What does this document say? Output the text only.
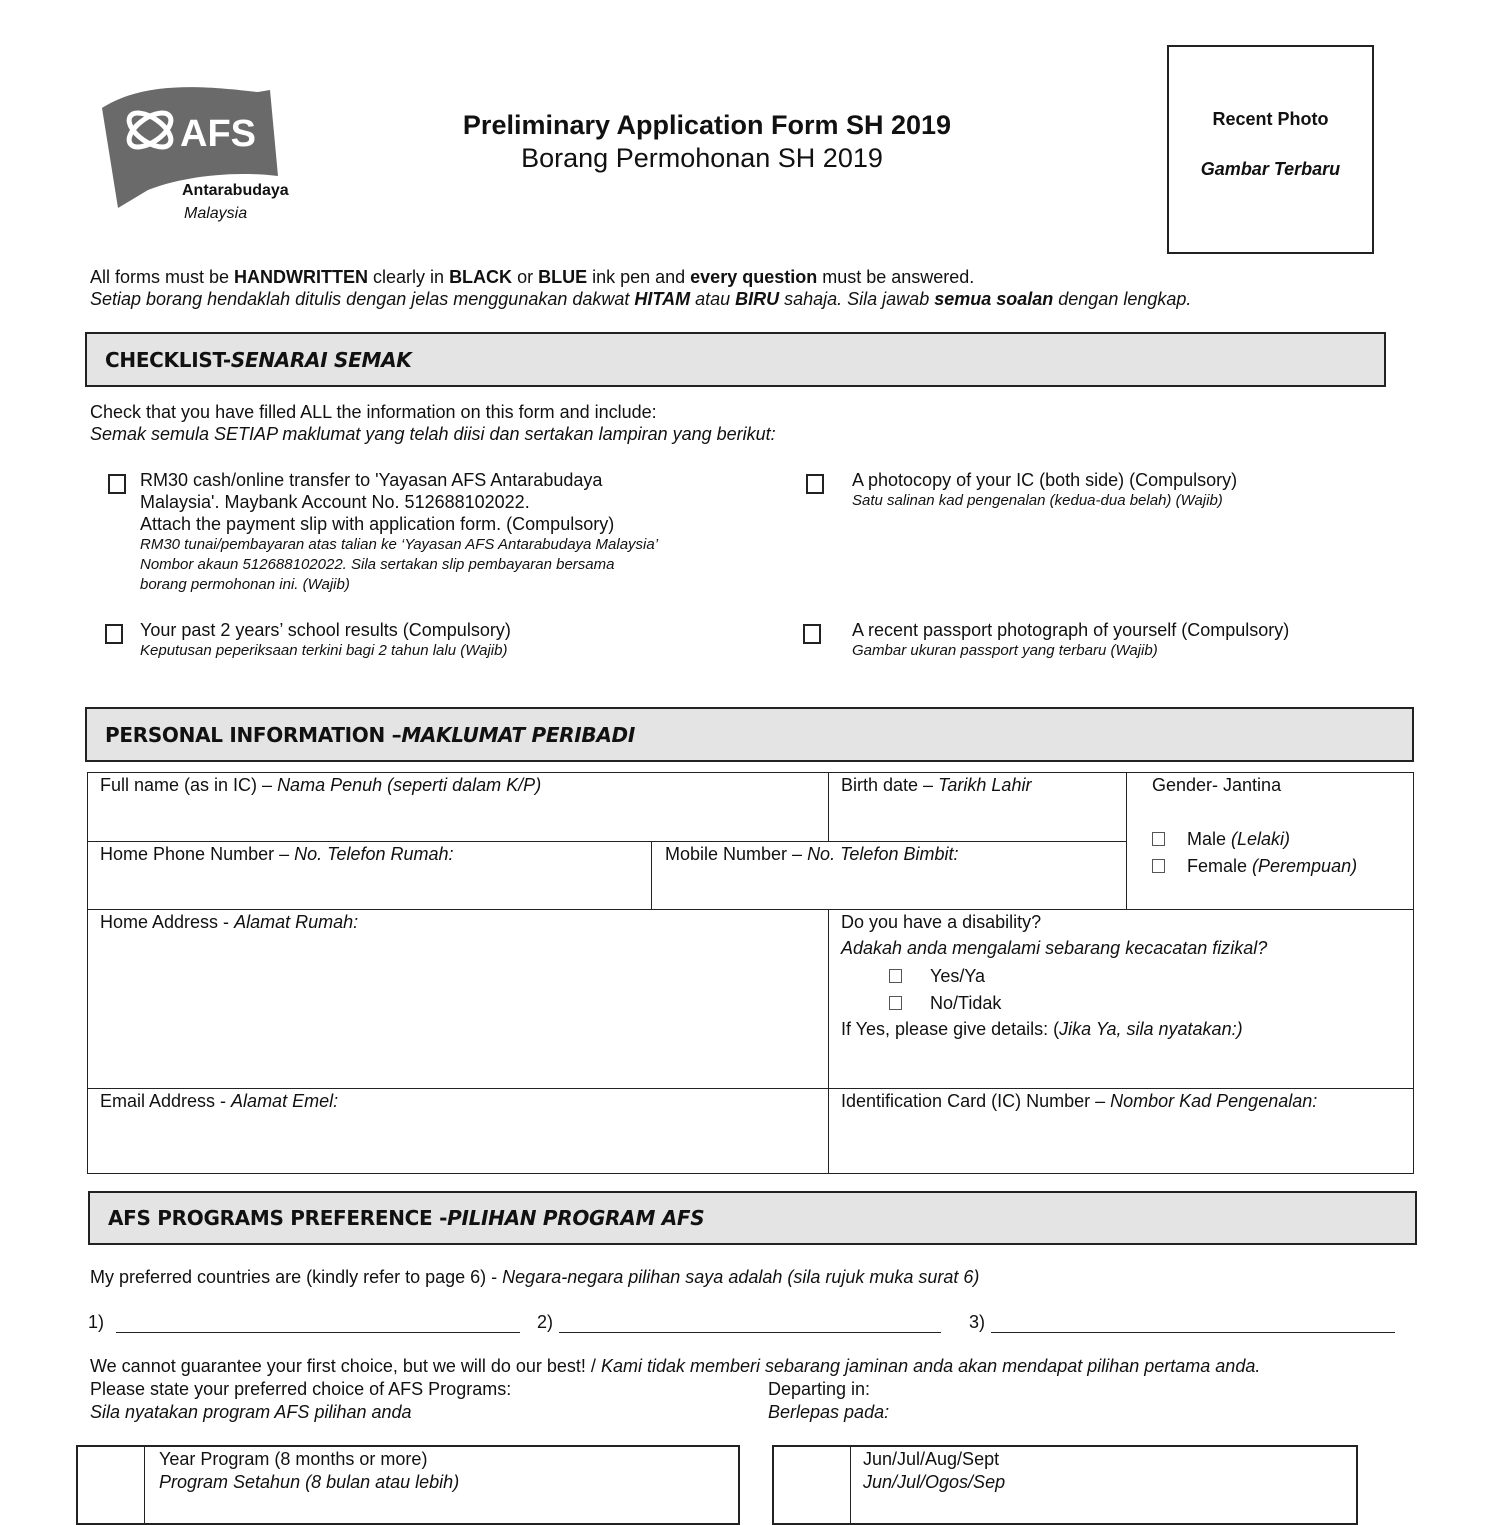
AFS
Antarabudaya
Malaysia
Preliminary Application Form SH 2019
Borang Permohonan SH 2019
Recent Photo
Gambar Terbaru
All forms must be HANDWRITTEN clearly in BLACK or BLUE ink pen and every question must be answered.
Setiap borang hendaklah ditulis dengan jelas menggunakan dakwat HITAM atau BIRU sahaja. Sila jawab semua soalan dengan lengkap.
CHECKLIST- SENARAI SEMAK
Check that you have filled ALL the information on this form and include:
Semak semula SETIAP maklumat yang telah diisi dan sertakan lampiran yang berikut:
RM30 cash/online transfer to 'Yayasan AFS Antarabudaya
Malaysia'. Maybank Account No. 512688102022.
Attach the payment slip with application form. (Compulsory)
RM30 tunai/pembayaran atas talian ke ‘Yayasan AFS Antarabudaya Malaysia’
Nombor akaun 512688102022. Sila sertakan slip pembayaran bersama
borang permohonan ini. (Wajib)
A photocopy of your IC (both side) (Compulsory)
Satu salinan kad pengenalan (kedua-dua belah) (Wajib)
Your past 2 years’ school results (Compulsory)
Keputusan peperiksaan terkini bagi 2 tahun lalu (Wajib)
A recent passport photograph of yourself (Compulsory)
Gambar ukuran passport yang terbaru (Wajib)
PERSONAL INFORMATION – MAKLUMAT PERIBADI
Full name (as in IC) – Nama Penuh (seperti dalam K/P)	Birth date – Tarikh Lahir	Gender- Jantina
Male (Lelaki)
Female (Perempuan)
Home Phone Number – No. Telefon Rumah:	Mobile Number – No. Telefon Bimbit:
Home Address - Alamat Rumah:	Do you have a disability?
Adakah anda mengalami sebarang kecacatan fizikal?
Yes/Ya
No/Tidak
If Yes, please give details: (Jika Ya, sila nyatakan:)
Email Address - Alamat Emel:	Identification Card (IC) Number – Nombor Kad Pengenalan:
AFS PROGRAMS PREFERENCE - PILIHAN PROGRAM AFS
My preferred countries are (kindly refer to page 6) - Negara-negara pilihan saya adalah (sila rujuk muka surat 6)
1)	2)	3)
We cannot guarantee your first choice, but we will do our best! / Kami tidak memberi sebarang jaminan anda akan mendapat pilihan pertama anda.
Please state your preferred choice of AFS Programs:
Sila nyatakan program AFS pilihan anda
Departing in:
Berlepas pada:
Year Program (8 months or more)
Program Setahun (8 bulan atau lebih)
Jun/Jul/Aug/Sept
Jun/Jul/Ogos/Sep
